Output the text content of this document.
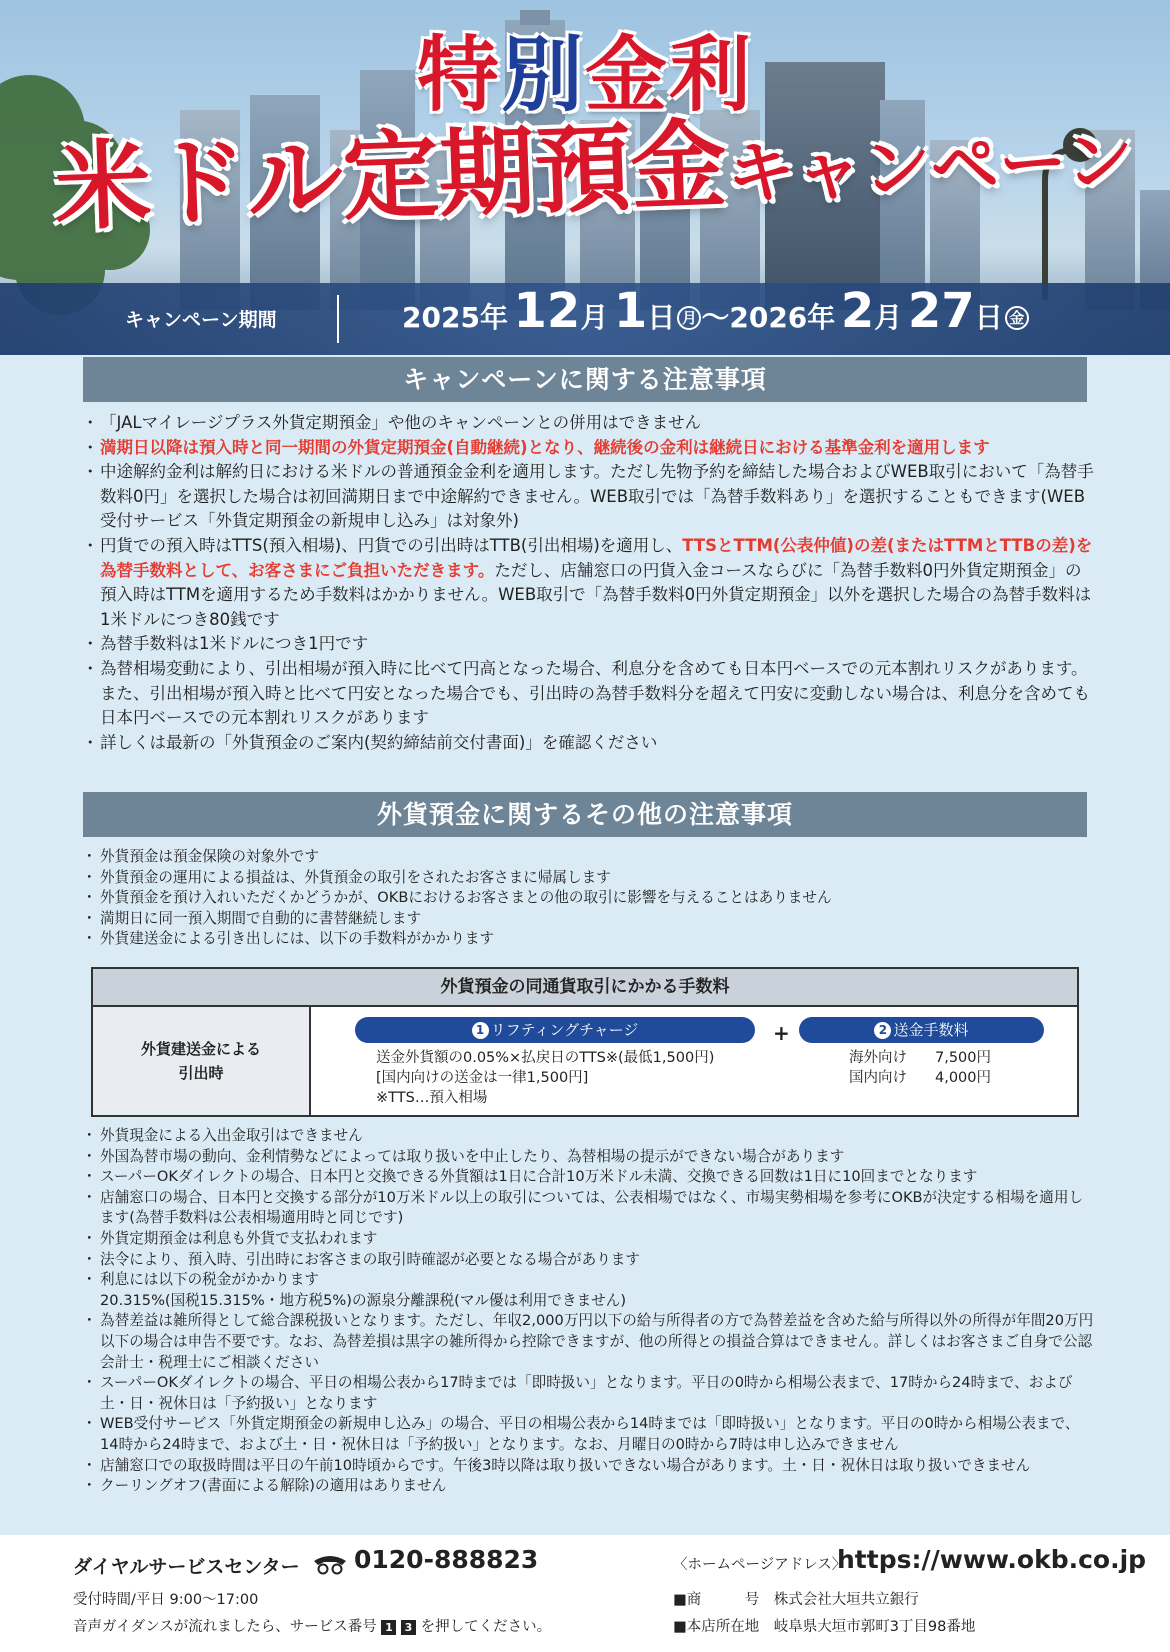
特別金利
米ドル定期預金キャンペーン
キャンペーン期間	2025年 12月 1日 月 〜2026年 2月 27日 金
キャンペーンに関する注意事項
・ 「JALマイレージプラス外貨定期預金」や他のキャンペーンとの併用はできません
・ 満期日以降は預入時と同一期間の外貨定期預金(自動継続)となり、継続後の金利は継続日における基準金利を適用します
・ 中途解約金利は解約日における米ドルの普通預金金利を適用します。ただし先物予約を締結した場合およびWEB取引において「為替手数料0円」を選択した場合は初回満期日まで中途解約できません。WEB取引では「為替手数料あり」を選択することもできます(WEB受付サービス「外貨定期預金の新規申し込み」は対象外)
・ 円貨での預入時はTTS(預入相場)、円貨での引出時はTTB(引出相場)を適用し、TTSとTTM(公表仲値)の差(またはTTMとTTBの差)を為替手数料として、お客さまにご負担いただきます。ただし、店舗窓口の円貨入金コースならびに「為替手数料0円外貨定期預金」の預入時はTTMを適用するため手数料はかかりません。WEB取引で「為替手数料0円外貨定期預金」以外を選択した場合の為替手数料は1米ドルにつき80銭です
・ 為替手数料は1米ドルにつき1円です
・ 為替相場変動により、引出相場が預入時に比べて円高となった場合、利息分を含めても日本円ベースでの元本割れリスクがあります。また、引出相場が預入時と比べて円安となった場合でも、引出時の為替手数料分を超えて円安に変動しない場合は、利息分を含めても日本円ベースでの元本割れリスクがあります
・ 詳しくは最新の「外貨預金のご案内(契約締結前交付書面)」を確認ください
外貨預金に関するその他の注意事項
・ 外貨預金は預金保険の対象外です
・ 外貨預金の運用による損益は、外貨預金の取引をされたお客さまに帰属します
・ 外貨預金を預け入れいただくかどうかが、OKBにおけるお客さまとの他の取引に影響を与えることはありません
・ 満期日に同一預入期間で自動的に書替継続します
・ 外貨建送金による引き出しには、以下の手数料がかかります
外貨預金の同通貨取引にかかる手数料
外貨建送金による
引出時
1 リフティングチャージ	+	2 送金手数料
送金外貨額の0.05%×払戻日のTTS※(最低1,500円)
[国内向けの送金は一律1,500円]
※TTS…預入相場
海外向け 7,500円
国内向け 4,000円
・ 外貨現金による入出金取引はできません
・ 外国為替市場の動向、金利情勢などによっては取り扱いを中止したり、為替相場の提示ができない場合があります
・ スーパーOKダイレクトの場合、日本円と交換できる外貨額は1日に合計10万米ドル未満、交換できる回数は1日に10回までとなります
・ 店舗窓口の場合、日本円と交換する部分が10万米ドル以上の取引については、公表相場ではなく、市場実勢相場を参考にOKBが決定する相場を適用します(為替手数料は公表相場適用時と同じです)
・ 外貨定期預金は利息も外貨で支払われます
・ 法令により、預入時、引出時にお客さまの取引時確認が必要となる場合があります
・ 利息には以下の税金がかかります
20.315%(国税15.315%・地方税5%)の源泉分離課税(マル優は利用できません)
・ 為替差益は雑所得として総合課税扱いとなります。ただし、年収2,000万円以下の給与所得者の方で為替差益を含めた給与所得以外の所得が年間20万円以下の場合は申告不要です。なお、為替差損は黒字の雑所得から控除できますが、他の所得との損益合算はできません。詳しくはお客さまご自身で公認会計士・税理士にご相談ください
・ スーパーOKダイレクトの場合、平日の相場公表から17時までは「即時扱い」となります。平日の0時から相場公表まで、17時から24時まで、および土・日・祝休日は「予約扱い」となります
・ WEB受付サービス「外貨定期預金の新規申し込み」の場合、平日の相場公表から14時までは「即時扱い」となります。平日の0時から相場公表まで、14時から24時まで、および土・日・祝休日は「予約扱い」となります。なお、月曜日の0時から7時は申し込みできません
・ 店舗窓口での取扱時間は平日の午前10時頃からです。午後3時以降は取り扱いできない場合があります。土・日・祝休日は取り扱いできません
・ クーリングオフ(書面による解除)の適用はありません
ダイヤルサービスセンター 0120-888823
受付時間/平日 9:00〜17:00
音声ガイダンスが流れましたら、サービス番号 1 3 を押してください。
〈ホームページアドレス〉
https://www.okb.co.jp
■商　　　号　 株式会社大垣共立銀行
■本店所在地　 岐阜県大垣市郭町3丁目98番地
